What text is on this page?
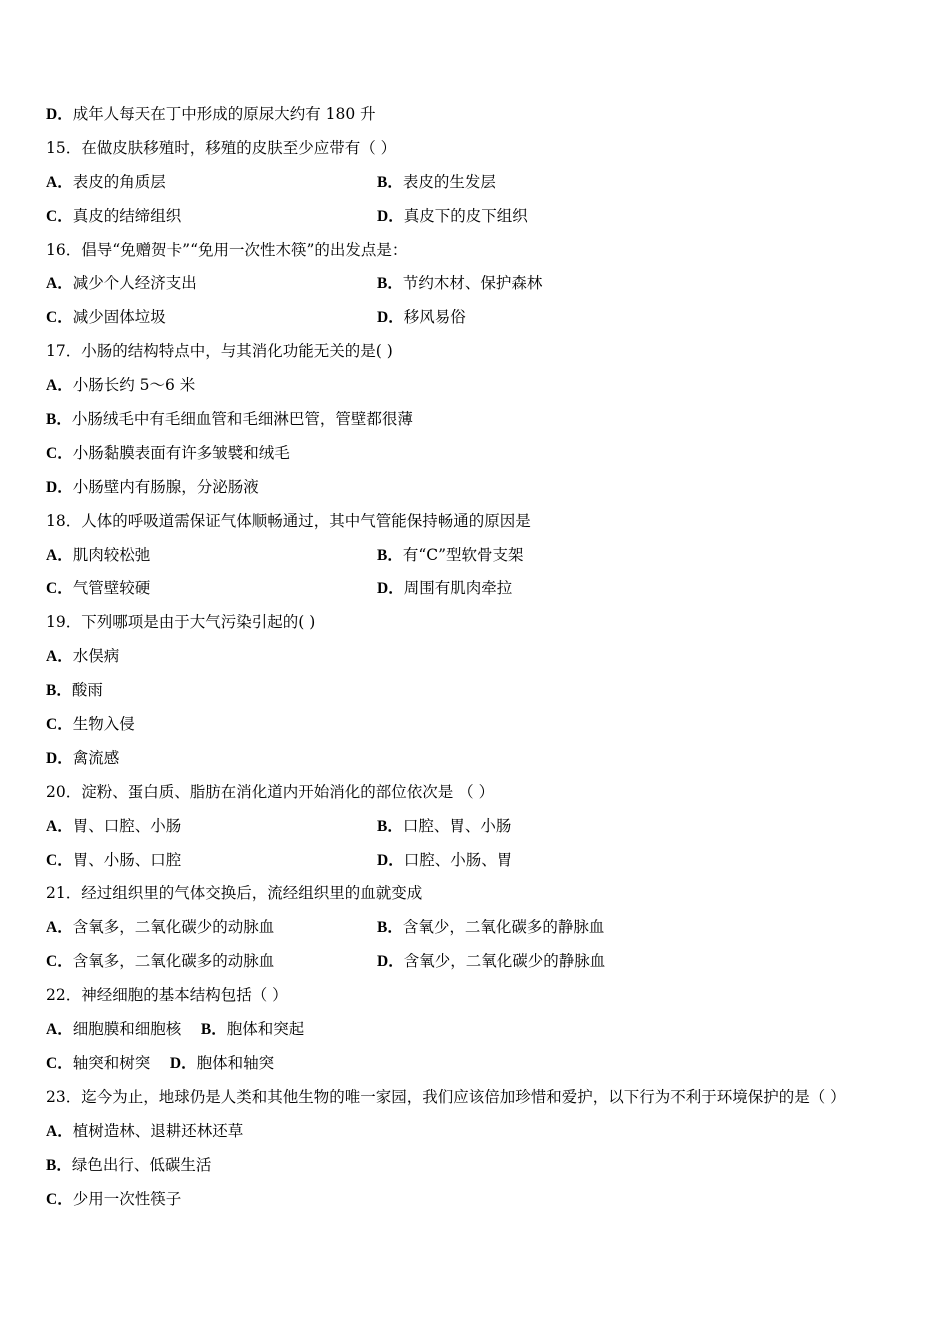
D．成年人每天在丁中形成的原尿大约有 180 升
15．在做皮肤移殖时，移殖的皮肤至少应带有（ ）
A．表皮的角质层	B．表皮的生发层
C．真皮的结缔组织	D．真皮下的皮下组织
16．倡导“免赠贺卡”“免用一次性木筷”的出发点是：
A．减少个人经济支出	B．节约木材、保护森林
C．减少固体垃圾	D．移风易俗
17．小肠的结构特点中，与其消化功能无关的是( )
A．小肠长约 5～6 米
B．小肠绒毛中有毛细血管和毛细淋巴管，管壁都很薄
C．小肠黏膜表面有许多皱襞和绒毛
D．小肠壁内有肠腺，分泌肠液
18．人体的呼吸道需保证气体顺畅通过，其中气管能保持畅通的原因是
A．肌肉较松弛	B．有“C”型软骨支架
C．气管壁较硬	D．周围有肌肉牵拉
19．下列哪项是由于大气污染引起的( )
A．水俣病
B．酸雨
C．生物入侵
D．禽流感
20．淀粉、蛋白质、脂肪在消化道内开始消化的部位依次是 （ ）
A．胃、口腔、小肠	B．口腔、胃、小肠
C．胃、小肠、口腔	D．口腔、小肠、胃
21．经过组织里的气体交换后，流经组织里的血就变成
A．含氧多，二氧化碳少的动脉血	B．含氧少，二氧化碳多的静脉血
C．含氧多，二氧化碳多的动脉血	D．含氧少，二氧化碳少的静脉血
22．神经细胞的基本结构包括（ ）
A．细胞膜和细胞核    B．胞体和突起
C．轴突和树突    D．胞体和轴突
23．迄今为止，地球仍是人类和其他生物的唯一家园，我们应该倍加珍惜和爱护，以下行为不利于环境保护的是（ ）
A．植树造林、退耕还林还草
B．绿色出行、低碳生活
C．少用一次性筷子
